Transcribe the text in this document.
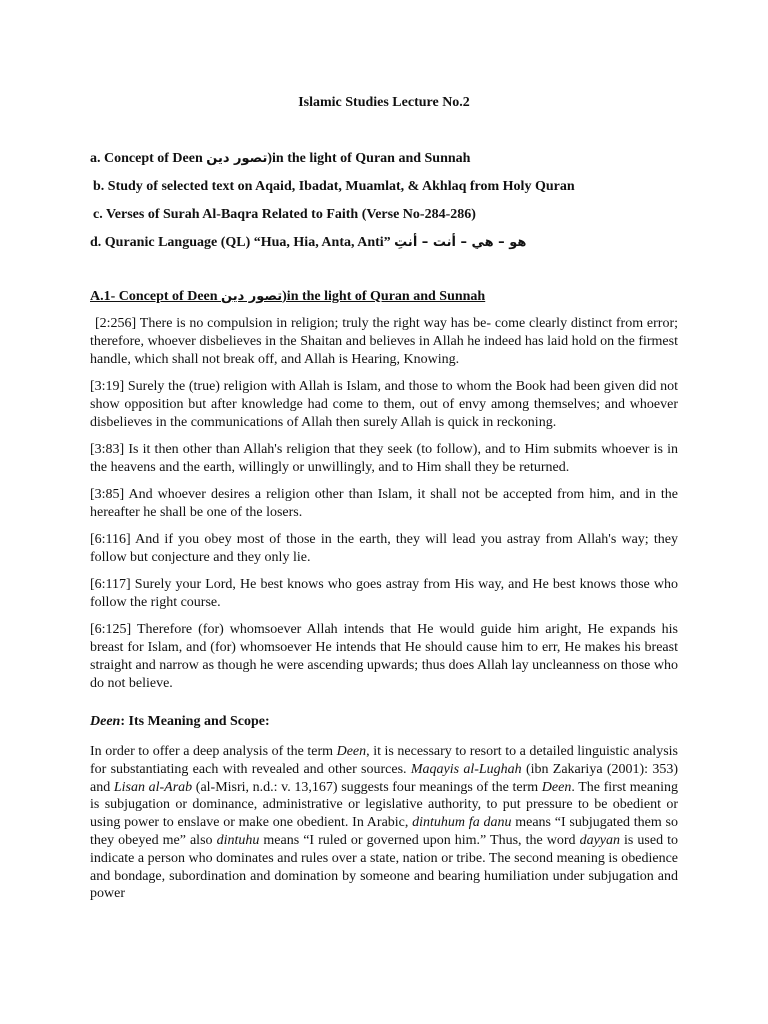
Islamic Studies Lecture No.2
a. Concept of Deen تصور دین)in the light of Quran and Sunnah
b. Study of selected text on Aqaid, Ibadat, Muamlat, & Akhlaq from Holy Quran
c. Verses of Surah Al-Baqra Related to Faith (Verse No-284-286)
d. Quranic Language (QL) “Hua, Hia, Anta, Anti” هو – هي – أنت – أنتِ
A.1- Concept of Deen تصور دین)in the light of Quran and Sunnah

[2:256] There is no compulsion in religion; truly the right way has be- come clearly distinct from error; therefore, whoever disbelieves in the Shaitan and believes in Allah he indeed has laid hold on the firmest handle, which shall not break off, and Allah is Hearing, Knowing.

[3:19] Surely the (true) religion with Allah is Islam, and those to whom the Book had been given did not show opposition but after knowledge had come to them, out of envy among themselves; and whoever disbelieves in the communications of Allah then surely Allah is quick in reckoning.

[3:83] Is it then other than Allah's religion that they seek (to follow), and to Him submits whoever is in the heavens and the earth, willingly or unwillingly, and to Him shall they be returned.

[3:85] And whoever desires a religion other than Islam, it shall not be accepted from him, and in the hereafter he shall be one of the losers.

[6:116] And if you obey most of those in the earth, they will lead you astray from Allah's way; they follow but conjecture and they only lie.

[6:117] Surely your Lord, He best knows who goes astray from His way, and He best knows those who follow the right course.

[6:125] Therefore (for) whomsoever Allah intends that He would guide him aright, He expands his breast for Islam, and (for) whomsoever He intends that He should cause him to err, He makes his breast straight and narrow as though he were ascending upwards; thus does Allah lay uncleanness on those who do not believe.

Deen: Its Meaning and Scope:

In order to offer a deep analysis of the term Deen, it is necessary to resort to a detailed linguistic analysis for substantiating each with revealed and other sources. Maqayis al-Lughah (ibn Zakariya (2001): 353) and Lisan al-Arab (al-Misri, n.d.: v. 13,167) suggests four meanings of the term Deen. The first meaning is subjugation or dominance, administrative or legislative authority, to put pressure to be obedient or using power to enslave or make one obedient. In Arabic, dintuhum fa danu means “I subjugated them so they obeyed me” also dintuhu means “I ruled or governed upon him.” Thus, the word dayyan is used to indicate a person who dominates and rules over a state, nation or tribe. The second meaning is obedience and bondage, subordination and domination by someone and bearing humiliation under subjugation and power
